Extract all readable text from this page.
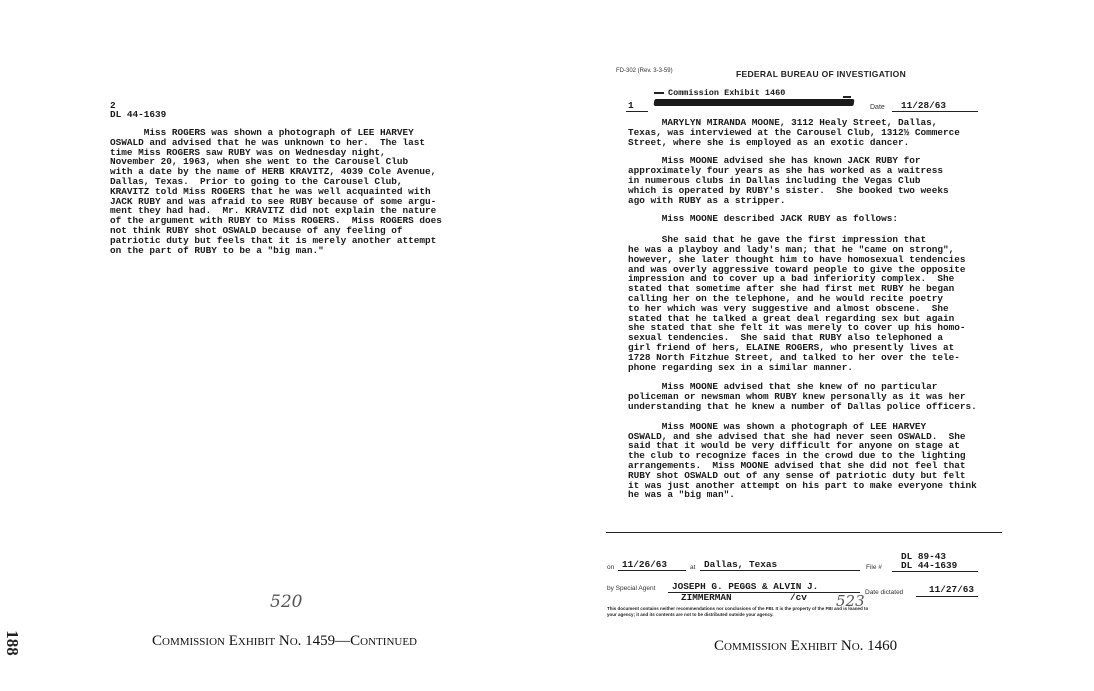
188
2
DL 44-1639
Miss ROGERS was shown a photograph of LEE HARVEY
OSWALD and advised that he was unknown to her.  The last
time Miss ROGERS saw RUBY was on Wednesday night,
November 20, 1963, when she went to the Carousel Club
with a date by the name of HERB KRAVITZ, 4039 Cole Avenue,
Dallas, Texas.  Prior to going to the Carousel Club,
KRAVITZ told Miss ROGERS that he was well acquainted with
JACK RUBY and was afraid to see RUBY because of some argu-
ment they had had.  Mr. KRAVITZ did not explain the nature
of the argument with RUBY to Miss ROGERS.  Miss ROGERS does
not think RUBY shot OSWALD because of any feeling of
patriotic duty but feels that it is merely another attempt
on the part of RUBY to be a "big man."
520
Commission Exhibit No. 1459—Continued
FD-302 (Rev. 3-3-59)	FEDERAL BUREAU OF INVESTIGATION
Commission Exhibit 1460
1	Date 11/28/63
MARYLYN MIRANDA MOONE, 3112 Healy Street, Dallas,
Texas, was interviewed at the Carousel Club, 1312½ Commerce
Street, where she is employed as an exotic dancer.
Miss MOONE advised she has known JACK RUBY for
approximately four years as she has worked as a waitress
in numerous clubs in Dallas including the Vegas Club
which is operated by RUBY's sister.  She booked two weeks
ago with RUBY as a stripper.
Miss MOONE described JACK RUBY as follows:
She said that he gave the first impression that
he was a playboy and lady's man; that he "came on strong",
however, she later thought him to have homosexual tendencies
and was overly aggressive toward people to give the opposite
impression and to cover up a bad inferiority complex.  She
stated that sometime after she had first met RUBY he began
calling her on the telephone, and he would recite poetry
to her which was very suggestive and almost obscene.  She
stated that he talked a great deal regarding sex but again
she stated that she felt it was merely to cover up his homo-
sexual tendencies.  She said that RUBY also telephoned a
girl friend of hers, ELAINE ROGERS, who presently lives at
1728 North Fitzhue Street, and talked to her over the tele-
phone regarding sex in a similar manner.
Miss MOONE advised that she knew of no particular
policeman or newsman whom RUBY knew personally as it was her
understanding that he knew a number of Dallas police officers.
Miss MOONE was shown a photograph of LEE HARVEY
OSWALD, and she advised that she had never seen OSWALD.  She
said that it would be very difficult for anyone on stage at
the club to recognize faces in the crowd due to the lighting
arrangements.  Miss MOONE advised that she did not feel that
RUBY shot OSWALD out of any sense of patriotic duty but felt
it was just another attempt on his part to make everyone think
he was a "big man".
on 11/26/63	at Dallas, Texas
DL 89-43
File # DL 44-1639
by Special Agent JOSEPH G. PEGGS & ALVIN J.
ZIMMERMAN	/cv	Date dictated	11/27/63
523
This document contains neither recommendations nor conclusions of the FBI. It is the property of the FBI and is loaned to
your agency; it and its contents are not to be distributed outside your agency.
Commission Exhibit No. 1460
